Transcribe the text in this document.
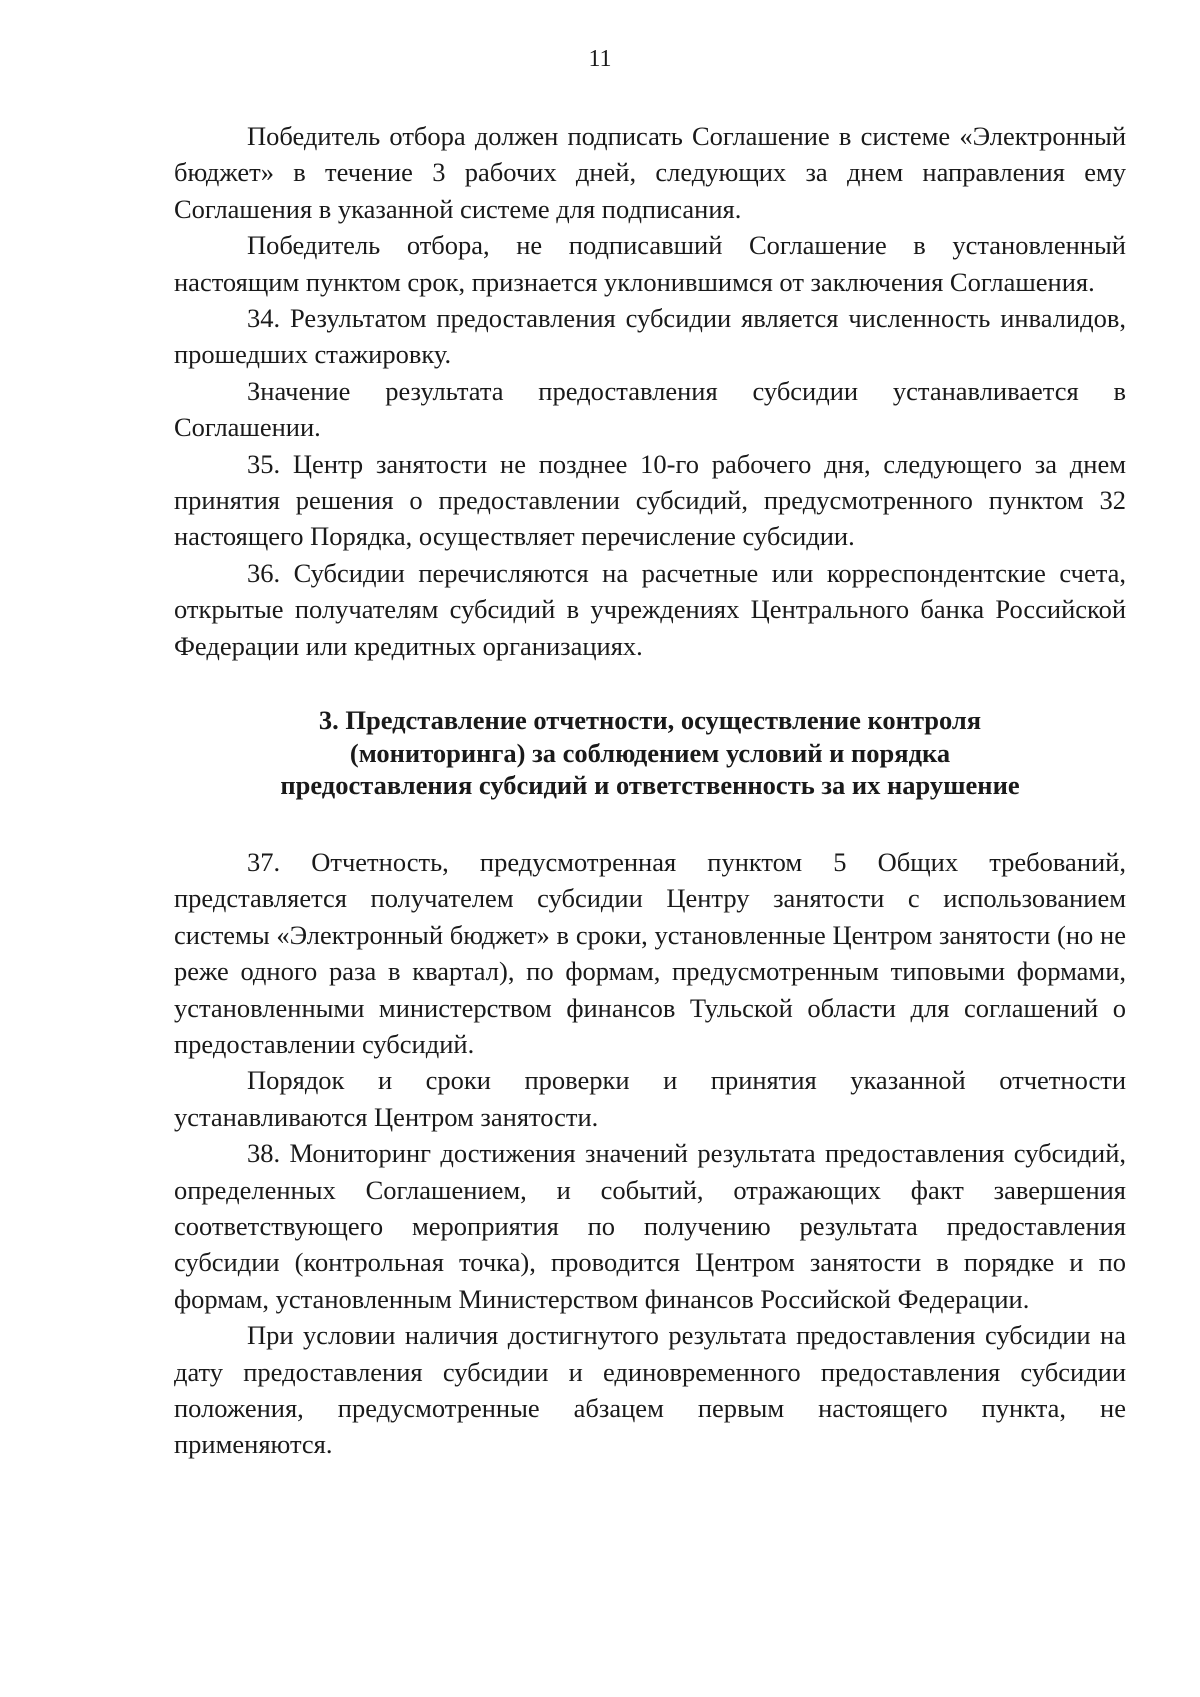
11

Победитель отбора должен подписать Соглашение в системе «Электронный бюджет» в течение 3 рабочих дней, следующих за днем направления ему Соглашения в указанной системе для подписания.

Победитель отбора, не подписавший Соглашение в установленный настоящим пунктом срок, признается уклонившимся от заключения Соглашения.

34. Результатом предоставления субсидии является численность инвалидов, прошедших стажировку.

Значение результата предоставления субсидии устанавливается в Соглашении.

35. Центр занятости не позднее 10-го рабочего дня, следующего за днем принятия решения о предоставлении субсидий, предусмотренного пунктом 32 настоящего Порядка, осуществляет перечисление субсидии.

36. Субсидии перечисляются на расчетные или корреспондентские счета, открытые получателям субсидий в учреждениях Центрального банка Российской Федерации или кредитных организациях.

3. Представление отчетности, осуществление контроля
(мониторинга) за соблюдением условий и порядка
предоставления субсидий и ответственность за их нарушение

37. Отчетность, предусмотренная пунктом 5 Общих требований, представляется получателем субсидии Центру занятости с использованием системы «Электронный бюджет» в сроки, установленные Центром занятости (но не реже одного раза в квартал), по формам, предусмотренным типовыми формами, установленными министерством финансов Тульской области для соглашений о предоставлении субсидий.

Порядок и сроки проверки и принятия указанной отчетности устанавливаются Центром занятости.

38. Мониторинг достижения значений результата предоставления субсидий, определенных Соглашением, и событий, отражающих факт завершения соответствующего мероприятия по получению результата предоставления субсидии (контрольная точка), проводится Центром занятости в порядке и по формам, установленным Министерством финансов Российской Федерации.

При условии наличия достигнутого результата предоставления субсидии на дату предоставления субсидии и единовременного предоставления субсидии положения, предусмотренные абзацем первым настоящего пункта, не применяются.
